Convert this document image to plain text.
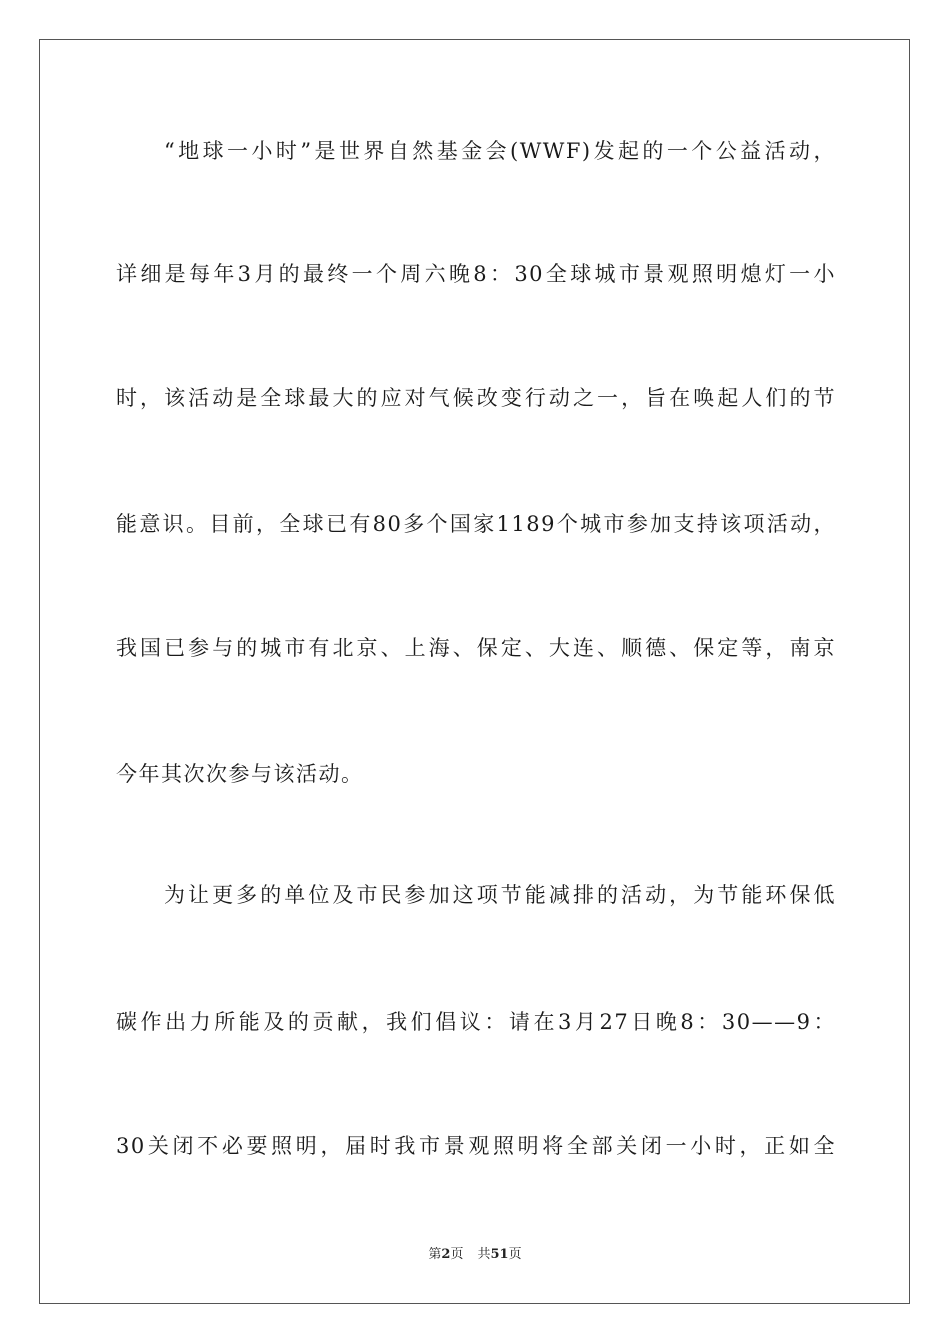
“地球一小时”是世界自然基金会(WWF)发起的一个公益活动，
详细是每年3月的最终一个周六晚8：30全球城市景观照明熄灯一小
时，该活动是全球最大的应对气候改变行动之一，旨在唤起人们的节
能意识。目前，全球已有80多个国家1189个城市参加支持该项活动，
我国已参与的城市有北京、上海、保定、大连、顺德、保定等，南京
今年其次次参与该活动。
为让更多的单位及市民参加这项节能减排的活动，为节能环保低
碳作出力所能及的贡献，我们倡议：请在3月27日晚8：30——9：
30关闭不必要照明，届时我市景观照明将全部关闭一小时，正如全
第2页 共51页
